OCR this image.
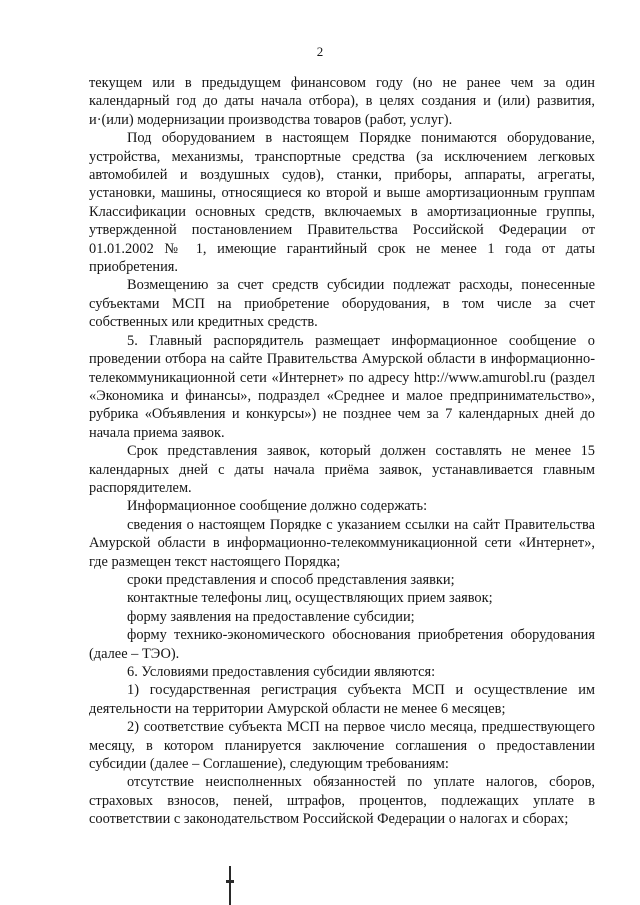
2

текущем или в предыдущем финансовом году (но не ранее чем за один календарный год до даты начала отбора), в целях создания и (или) развития, и·(или) модернизации производства товаров (работ, услуг).

Под оборудованием в настоящем Порядке понимаются оборудование, устройства, механизмы, транспортные средства (за исключением легковых автомобилей и воздушных судов), станки, приборы, аппараты, агрегаты, установки, машины, относящиеся ко второй и выше амортизационным группам Классификации основных средств, включаемых в амортизационные группы, утвержденной постановлением Правительства Российской Федерации от 01.01.2002 № 1, имеющие гарантийный срок не менее 1 года от даты приобретения.

Возмещению за счет средств субсидии подлежат расходы, понесенные субъектами МСП на приобретение оборудования, в том числе за счет собственных или кредитных средств.

5. Главный распорядитель размещает информационное сообщение о проведении отбора на сайте Правительства Амурской области в информационно-телекоммуникационной сети «Интернет» по адресу http://www.amurobl.ru (раздел «Экономика и финансы», подраздел «Среднее и малое предпринимательство», рубрика «Объявления и конкурсы») не позднее чем за 7 календарных дней до начала приема заявок.

Срок представления заявок, который должен составлять не менее 15 календарных дней с даты начала приёма заявок, устанавливается главным распорядителем.

Информационное сообщение должно содержать:

сведения о настоящем Порядке с указанием ссылки на сайт Правительства Амурской области в информационно-телекоммуникационной сети «Интернет», где размещен текст настоящего Порядка;

сроки представления и способ представления заявки;

контактные телефоны лиц, осуществляющих прием заявок;

форму заявления на предоставление субсидии;

форму технико-экономического обоснования приобретения оборудования (далее – ТЭО).

6. Условиями предоставления субсидии являются:

1) государственная регистрация субъекта МСП и осуществление им деятельности на территории Амурской области не менее 6 месяцев;

2) соответствие субъекта МСП на первое число месяца, предшествующего месяцу, в котором планируется заключение соглашения о предоставлении субсидии (далее – Соглашение), следующим требованиям:

отсутствие неисполненных обязанностей по уплате налогов, сборов, страховых взносов, пеней, штрафов, процентов, подлежащих уплате в соответствии с законодательством Российской Федерации о налогах и сборах;
